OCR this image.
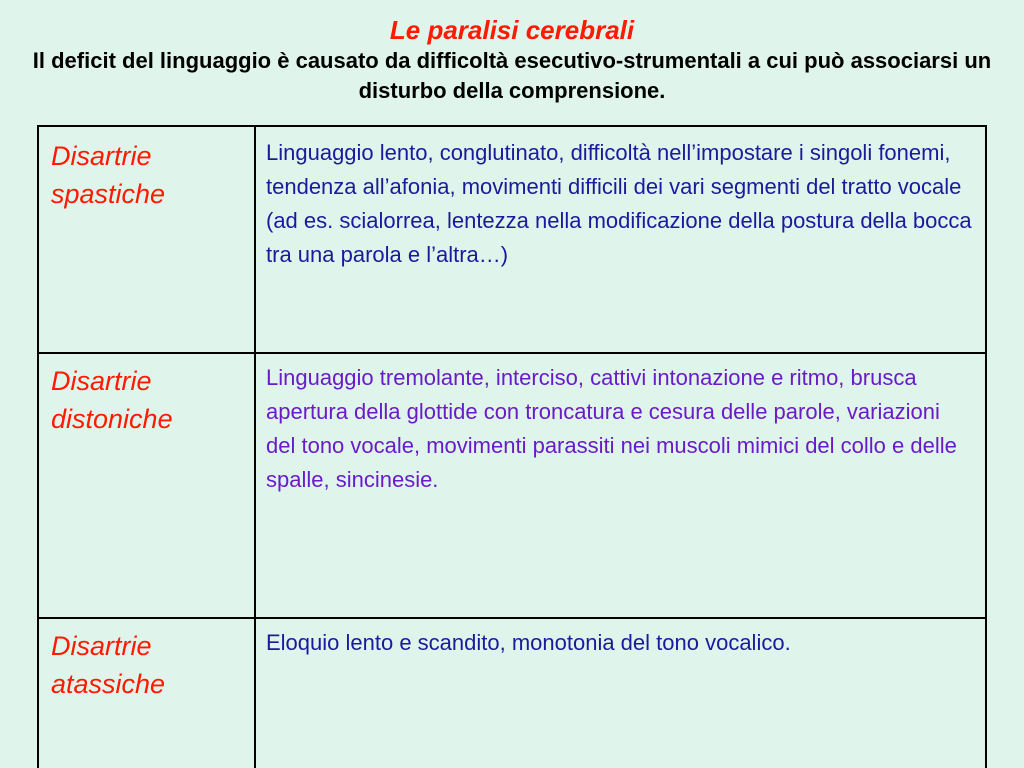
Le paralisi cerebrali
Il deficit del linguaggio è causato da difficoltà esecutivo-strumentali a cui può associarsi un disturbo della comprensione.
Disartrie spastiche
Linguaggio lento, conglutinato, difficoltà nell’impostare i singoli fonemi, tendenza all’afonia, movimenti difficili dei vari segmenti del tratto vocale (ad es. scialorrea, lentezza nella modificazione della postura della bocca tra una parola e l’altra…)
Disartrie distoniche
Linguaggio tremolante, interciso, cattivi intonazione e ritmo, brusca apertura della glottide con troncatura e cesura delle parole, variazioni del tono vocale, movimenti parassiti nei muscoli mimici del collo e delle spalle, sincinesie.
Disartrie atassiche
Eloquio lento e scandito, monotonia del tono vocalico.
